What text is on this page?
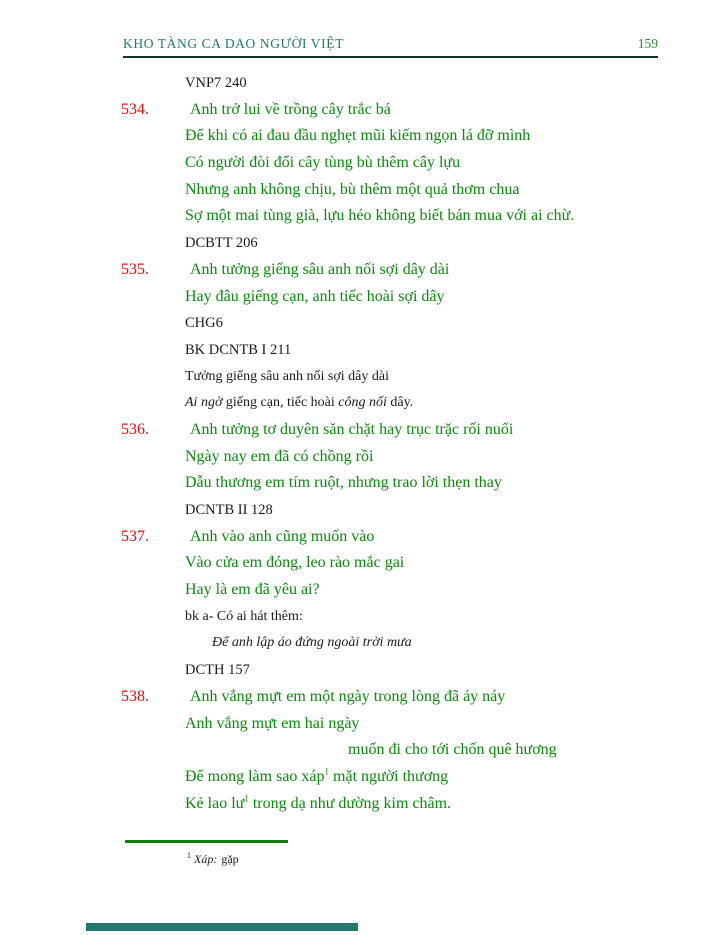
KHO TÀNG CA DAO NGƯỜI VIỆT	159
VNP7 240
534.	Anh trở lui về trồng cây trắc bá
Để khi có ai đau đầu nghẹt mũi kiếm ngọn lá đỡ mình
Có người đòi đổi cây tùng bù thêm cây lựu
Nhưng anh không chịu, bù thêm một quả thơm chua
Sợ một mai tùng già, lựu héo không biết bán mua với ai chừ.
DCBTT 206
535.	Anh tưởng giếng sâu anh nối sợi dây dài
Hay đâu giếng cạn, anh tiếc hoài sợi dây
CHG6
BK DCNTB I 211
Tưởng giếng sâu anh nối sợi dây dài
Ai ngờ giếng cạn, tiếc hoài công nối dây.
536.	Anh tưởng tơ duyên săn chặt hay trục trặc rối nuổi
Ngày nay em đã có chồng rồi
Dẫu thương em tím ruột, nhưng trao lời thẹn thay
DCNTB II 128
537.	Anh vào anh cũng muốn vào
Vào cửa em đóng, leo rào mắc gai
Hay là em đã yêu ai?
bk a- Có ai hát thêm:
Để anh lập áo đứng ngoài trời mưa
DCTH 157
538.	Anh vắng mựt em một ngày trong lòng đã áy náy
Anh vắng mựt em hai ngày
muốn đi cho tới chốn quê hương
Để mong làm sao xáp$^1$ mặt người thương
Kẻ lao lư$^1$ trong dạ như dường kim châm.
$^1$ Xáp: gặp
